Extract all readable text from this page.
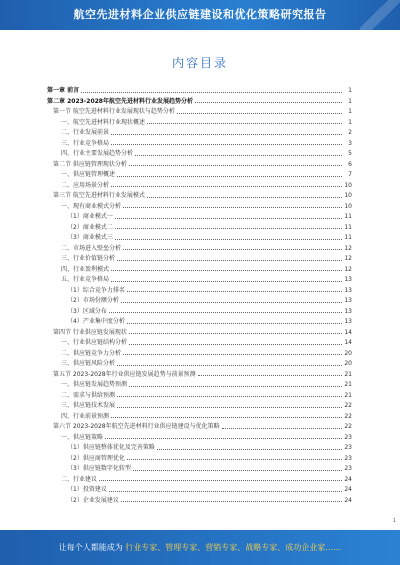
航空先进材料企业供应链建设和优化策略研究报告
内容目录
第一章 前言	1
第二章 2023-2028年航空先进材料行业发展趋势分析	1
第一节 航空先进材料行业发展现状与趋势分析	1
一、航空先进材料行业现状概述	1
二、行业发展前景	2
三、行业竞争格局	3
四、行业主要发展趋势分析	5
第二节 供应链管理现状分析	6
一、供应链管理概述	7
二、应用场景分析	10
第三节 航空先进材料行业发展模式	10
一、现有商业模式分析	10
（1）商业模式一	11
（2）商业模式二	11
（3）商业模式三	11
二、市场进入壁垒分析	12
三、行业价值链分析	12
四、行业盈利模式	12
五、行业竞争格局	13
（1）综合竞争力排名	13
（2）市场份额分析	13
（3）区域分布	13
（4）产业集中度分析	13
第四节 行业供应链发展现状	14
一、行业供应链结构分析	14
二、供应链竞争力分析	20
三、供应链风险分析	20
第五节 2023-2028年行业供应链发展趋势与前景预测	21
一、供应链发展趋势预测	21
二、需求与供给预测	21
三、供应链技术发展	22
四、行业前景预测	22
第六节 2023-2028年航空先进材料行业供应链建设与优化策略	22
一、供应链策略	23
（1）供应链整体优化及完善策略	23
（2）供应商管理优化	23
（3）供应链数字化转型	23
二、行业建议	24
（1）投资建议	24
（2）企业发展建议	24
1
让每个人都能成为 行业专家、管理专家、营销专家、战略专家、成功企业家……
